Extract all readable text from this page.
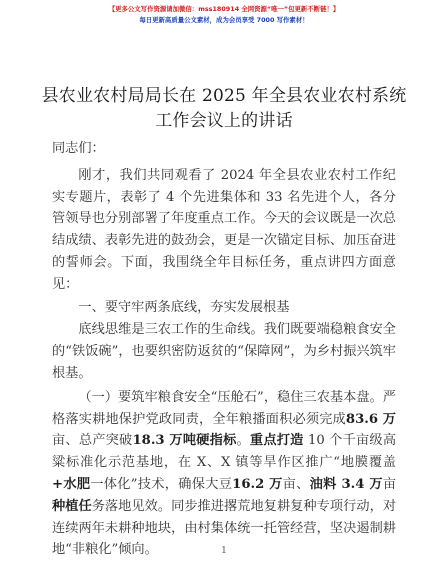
【更多公文写作资源请加微信：mss180914 全网资源“唯一”包更新不断链！】
每日更新高质量公文素材，成为会员享受 7000 写作素材！
县农业农村局局长在 2025 年全县农业农村系统工作会议上的讲话

同志们：

刚才，我们共同观看了 2024 年全县农业农村工作纪实专题片，表彰了 4 个先进集体和 33 名先进个人，各分管领导也分别部署了年度重点工作。今天的会议既是一次总结成绩、表彰先进的鼓劲会，更是一次锚定目标、加压奋进的誓师会。下面，我围绕全年目标任务，重点讲四方面意见：

一、要守牢两条底线，夯实发展根基

底线思维是三农工作的生命线。我们既要端稳粮食安全的“铁饭碗”，也要织密防返贫的“保障网”，为乡村振兴筑牢根基。

（一）要筑牢粮食安全“压舱石”，稳住三农基本盘。严格落实耕地保护党政同责，全年粮播面积必须完成83.6 万亩、总产突破18.3 万吨硬指标。重点打造 10 个千亩级高粱标准化示范基地，在 X、X 镇等旱作区推广“地膜覆盖+水肥一体化”技术，确保大豆16.2 万亩、油料 3.4 万亩种植任务落地见效。同步推进撂荒地复耕复种专项行动，对连续两年未耕种地块，由村集体统一托管经营，坚决遏制耕地“非粮化”倾向。	1
